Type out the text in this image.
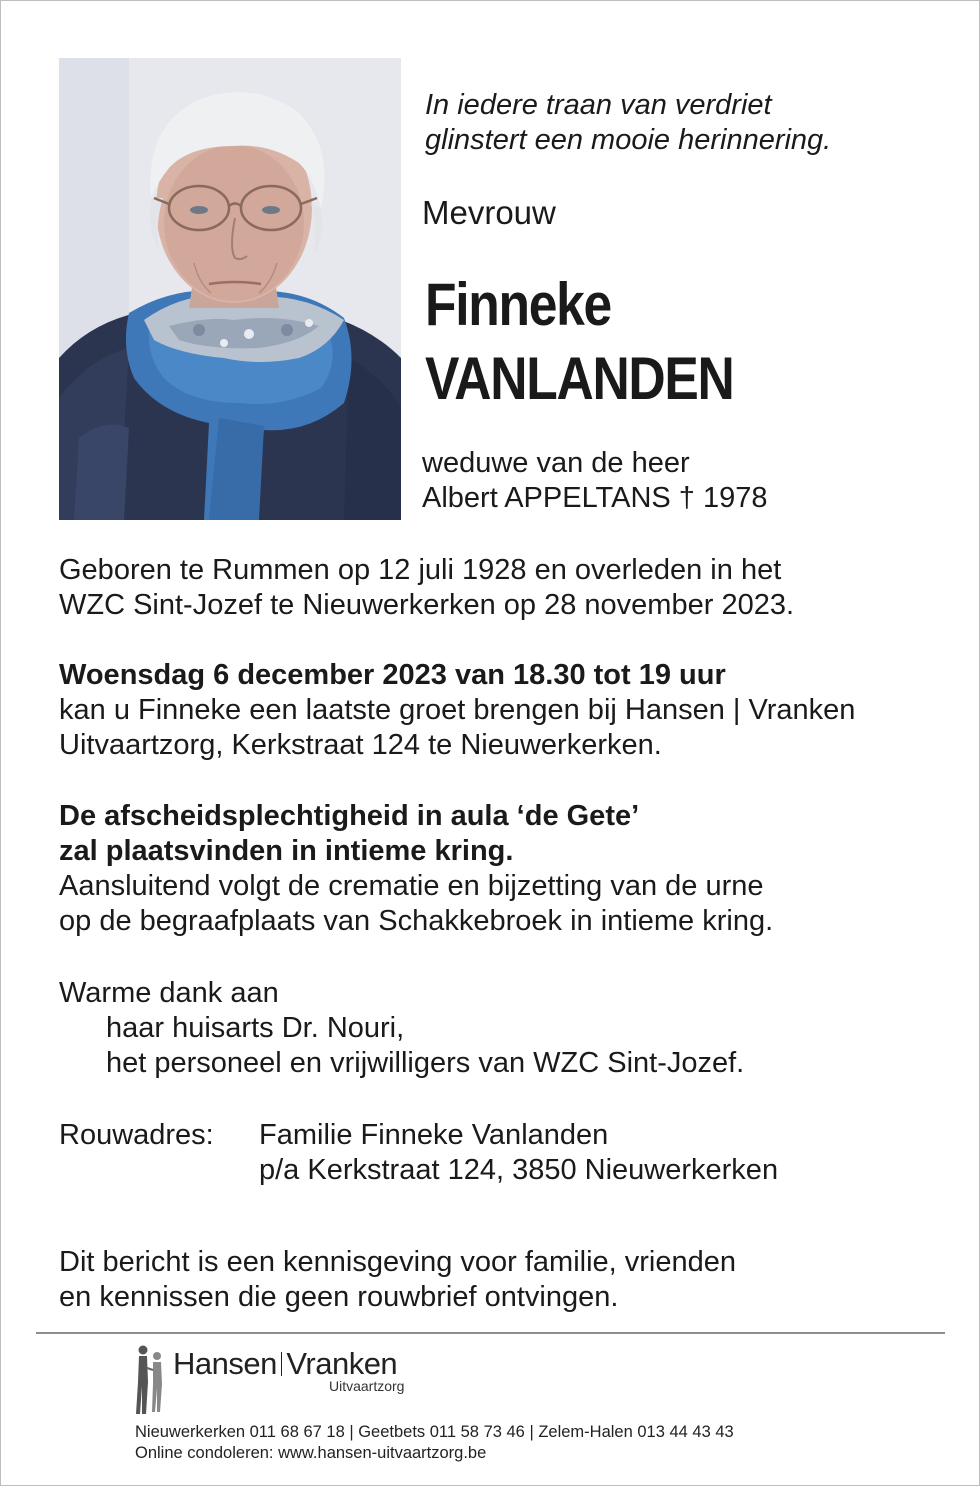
In iedere traan van verdriet
glinstert een mooie herinnering.
Mevrouw
Finneke
VANLANDEN
weduwe van de heer
Albert APPELTANS † 1978
Geboren te Rummen op 12 juli 1928 en overleden in het
WZC Sint-Jozef te Nieuwerkerken op 28 november 2023.
Woensdag 6 december 2023 van 18.30 tot 19 uur
kan u Finneke een laatste groet brengen bij Hansen | Vranken
Uitvaartzorg, Kerkstraat 124 te Nieuwerkerken.
De afscheidsplechtigheid in aula ‘de Gete’
zal plaatsvinden in intieme kring.
Aansluitend volgt de crematie en bijzetting van de urne
op de begraafplaats van Schakkebroek in intieme kring.
Warme dank aan
haar huisarts Dr. Nouri,
het personeel en vrijwilligers van WZC Sint-Jozef.
Rouwadres: Familie Finneke Vanlanden
p/a Kerkstraat 124, 3850 Nieuwerkerken
Dit bericht is een kennisgeving voor familie, vrienden
en kennissen die geen rouwbrief ontvingen.
Hansen Vranken
Uitvaartzorg
Nieuwerkerken 011 68 67 18 | Geetbets 011 58 73 46 | Zelem-Halen 013 44 43 43
Online condoleren: www.hansen-uitvaartzorg.be
